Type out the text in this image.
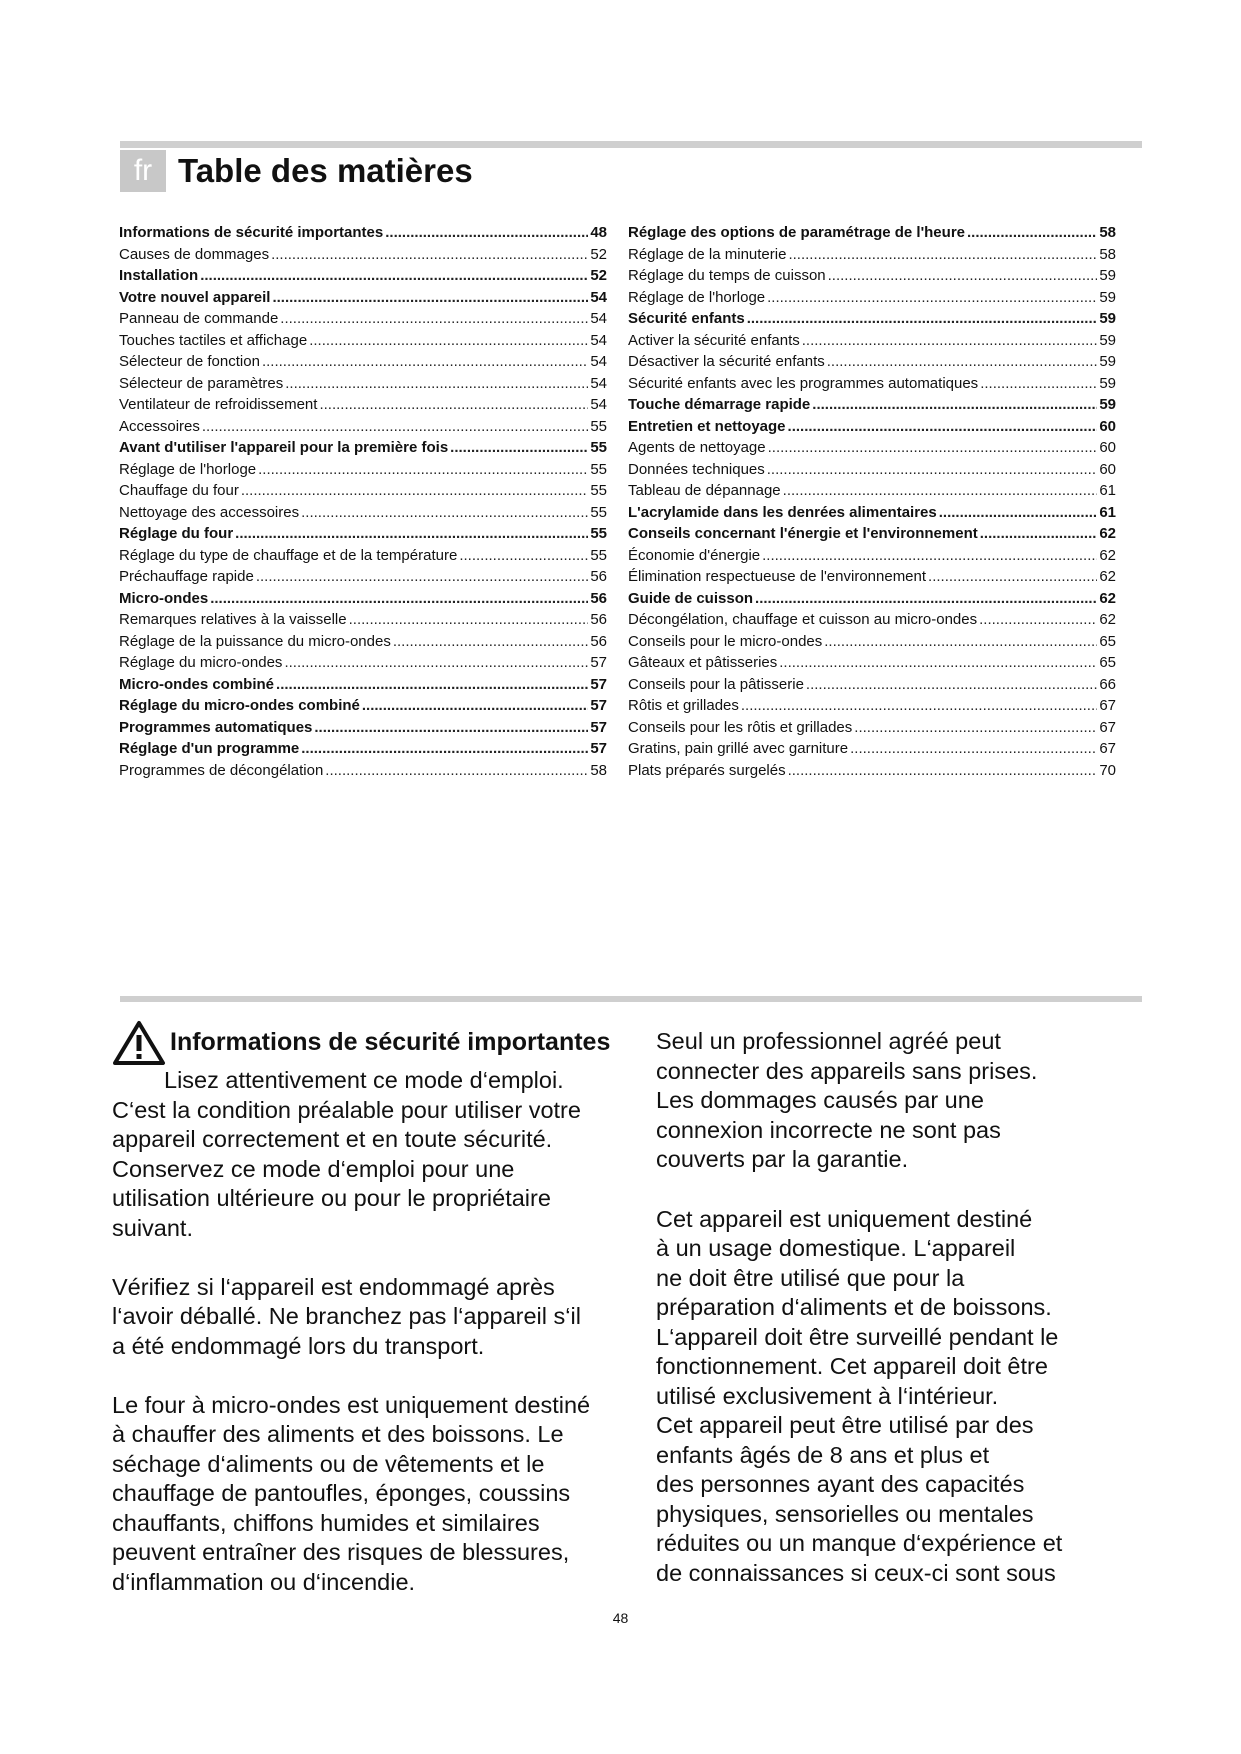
fr Table des matières
Informations de sécurité importantes .....	48
Causes de dommages .....	52
Installation .....	52
Votre nouvel appareil .....	54
Panneau de commande .....	54
Touches tactiles et affichage .....	54
Sélecteur de fonction .....	54
Sélecteur de paramètres .....	54
Ventilateur de refroidissement .....	54
Accessoires .....	55
Avant d'utiliser l'appareil pour la première fois .....	55
Réglage de l'horloge .....	55
Chauffage du four .....	55
Nettoyage des accessoires .....	55
Réglage du four .....	55
Réglage du type de chauffage et de la température .....	55
Préchauffage rapide .....	56
Micro-ondes .....	56
Remarques relatives à la vaisselle .....	56
Réglage de la puissance du micro-ondes .....	56
Réglage du micro-ondes .....	57
Micro-ondes combiné .....	57
Réglage du micro-ondes combiné .....	57
Programmes automatiques .....	57
Réglage d'un programme .....	57
Programmes de décongélation .....	58
Réglage des options de paramétrage de l'heure .....	58
Réglage de la minuterie .....	58
Réglage du temps de cuisson .....	59
Réglage de l'horloge .....	59
Sécurité enfants .....	59
Activer la sécurité enfants .....	59
Désactiver la sécurité enfants .....	59
Sécurité enfants avec les programmes automatiques .....	59
Touche démarrage rapide .....	59
Entretien et nettoyage .....	60
Agents de nettoyage .....	60
Données techniques .....	60
Tableau de dépannage .....	61
L'acrylamide dans les denrées alimentaires .....	61
Conseils concernant l'énergie et l'environnement .....	62
Économie d'énergie .....	62
Élimination respectueuse de l'environnement .....	62
Guide de cuisson .....	62
Décongélation, chauffage et cuisson au micro-ondes .....	62
Conseils pour le micro-ondes .....	65
Gâteaux et pâtisseries .....	65
Conseils pour la pâtisserie .....	66
Rôtis et grillades .....	67
Conseils pour les rôtis et grillades .....	67
Gratins, pain grillé avec garniture .....	67
Plats préparés surgelés .....	70
Informations de sécurité importantes
Lisez attentivement ce mode d‘emploi.
C‘est la condition préalable pour utiliser votre
appareil correctement et en toute sécurité.
Conservez ce mode d‘emploi pour une
utilisation ultérieure ou pour le propriétaire
suivant.
Vérifiez si l‘appareil est endommagé après
l‘avoir déballé. Ne branchez pas l‘appareil s‘il
a été endommagé lors du transport.
Le four à micro-ondes est uniquement destiné
à chauffer des aliments et des boissons. Le
séchage d‘aliments ou de vêtements et le
chauffage de pantoufles, éponges, coussins
chauffants, chiffons humides et similaires
peuvent entraîner des risques de blessures,
d‘inflammation ou d‘incendie.
Seul un professionnel agréé peut
connecter des appareils sans prises.
Les dommages causés par une
connexion incorrecte ne sont pas
couverts par la garantie.
Cet appareil est uniquement destiné
à un usage domestique. L‘appareil
ne doit être utilisé que pour la
préparation d‘aliments et de boissons.
L‘appareil doit être surveillé pendant le
fonctionnement. Cet appareil doit être
utilisé exclusivement à l‘intérieur.
Cet appareil peut être utilisé par des
enfants âgés de 8 ans et plus et
des personnes ayant des capacités
physiques, sensorielles ou mentales
réduites ou un manque d‘expérience et
de connaissances si ceux-ci sont sous
48
